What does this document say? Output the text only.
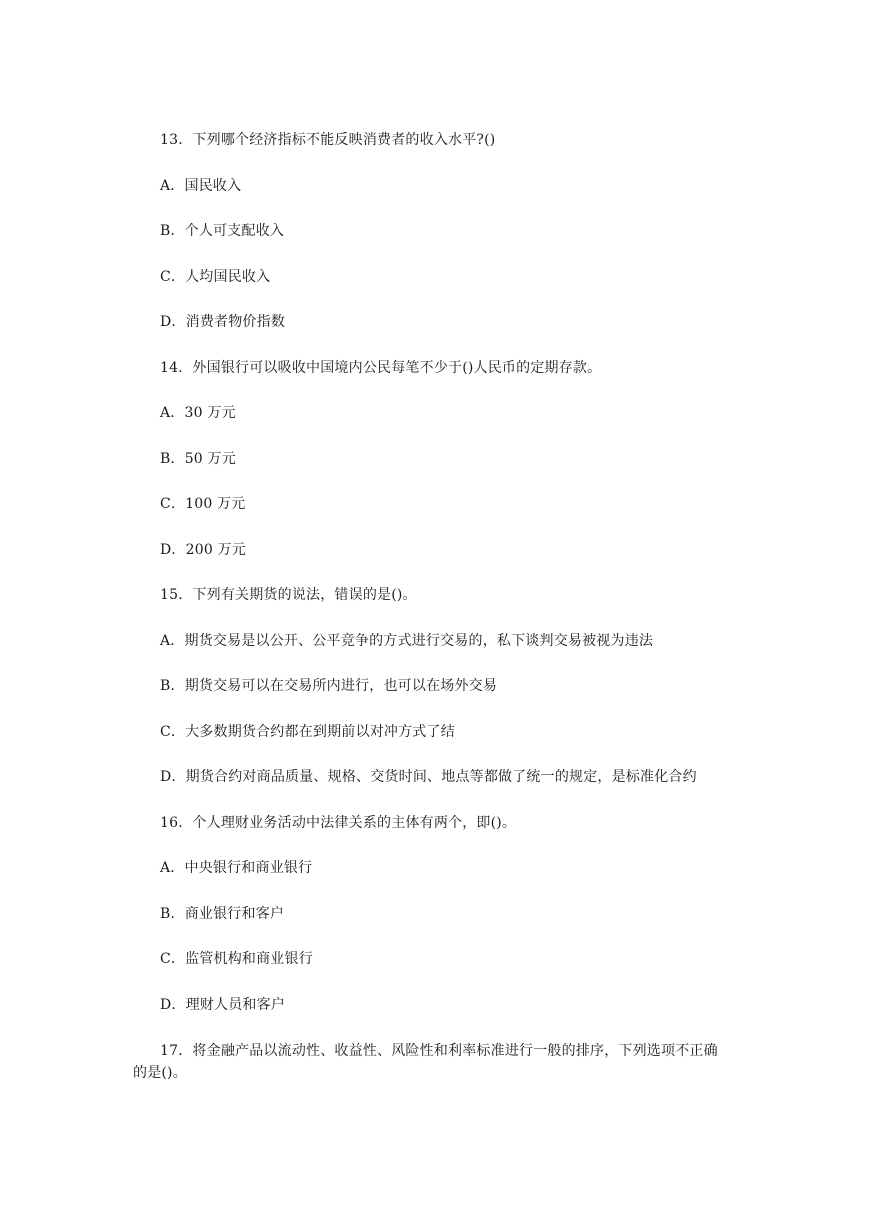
13．下列哪个经济指标不能反映消费者的收入水平?()
A．国民收入
B．个人可支配收入
C．人均国民收入
D．消费者物价指数
14．外国银行可以吸收中国境内公民每笔不少于()人民币的定期存款。
A．30 万元
B．50 万元
C．100 万元
D．200 万元
15．下列有关期货的说法，错误的是()。
A．期货交易是以公开、公平竞争的方式进行交易的，私下谈判交易被视为违法
B．期货交易可以在交易所内进行，也可以在场外交易
C．大多数期货合约都在到期前以对冲方式了结
D．期货合约对商品质量、规格、交货时间、地点等都做了统一的规定，是标准化合约
16．个人理财业务活动中法律关系的主体有两个，即()。
A．中央银行和商业银行
B．商业银行和客户
C．监管机构和商业银行
D．理财人员和客户
17．将金融产品以流动性、收益性、风险性和利率标准进行一般的排序，下列选项不正确的是()。
